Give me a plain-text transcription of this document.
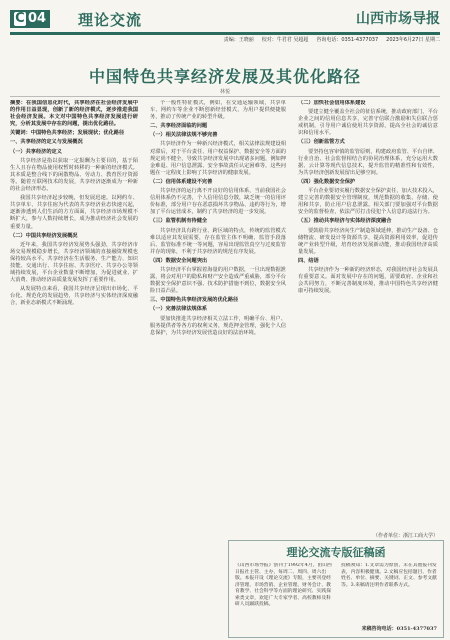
C 04 理论交流	山西市场导报
责编：王晓丽 校对：牛君君 吴超超 咨询电话：0351-4377037 2023年6月27日 星期二
中国特色共享经济发展及其优化路径
林悦

摘要：在我国信息化时代，共享经济在社会经济发展中的作用日益显现，创新了新的经济模式，逐步推进我国社会经济发展。本文对中国特色共享经济发展进行研究，分析其发展中存在的问题，提出优化路径。

关键词：中国特色共享经济；发展现状；优化路径

一、共享经济的定义与发展概况

（一）共享经济的定义

共享经济是指以获取一定报酬为主要目的，基于陌生人且存在物品使用权暂时转移的一种新的经济模式。其本质是整合线下的闲散物品、劳动力、教育医疗资源等。随着互联网技术的发展，共享经济逐渐成为一种新的社会经济形态。

我国共享经济起步较晚，但发展迅速。以网约车、共享单车、共享住宿为代表的共享经济业态快速兴起，逐渐渗透到人们生活的方方面面，共享经济市场规模不断扩大，参与人数持续增长，成为推动经济社会发展的重要力量。

（二）中国共享经济发展概况

近年来，我国共享经济发展势头强劲，共享经济市场交易规模稳步增长，共享经济领域的直接融资规模也保持较高水平。共享经济在生活服务、生产能力、知识技能、交通出行、共享住宿、共享医疗、共享办公等领域持续发展，平台企业数量不断增加，为促进就业、扩大消费、推动经济高质量发展发挥了重要作用。

从发展特点来看，我国共享经济呈现出市场化、平台化、规范化的发展趋势，共享经济与实体经济深度融合，新业态新模式不断涌现。

个一般性特征模式，例如，在交通运输领域，共享单车、网约车等企业不断创新经营模式，为用户提供便捷服务，推动了传统产业的转型升级。

二、共享经济面临的问题

（一）相关法律法规不够完善

共享经济作为一种新兴经济模式，相关法律法规建设相对滞后，对于平台责任、用户权益保护、数据安全等方面的规定尚不健全，导致共享经济发展中出现诸多问题，例如押金难退、用户信息泄露、安全事故责任认定困难等，这些问题在一定程度上影响了共享经济的健康发展。

（二）信用体系建设不完善

共享经济的运行离不开良好的信用体系，当前我国社会信用体系仍不完善，个人信用信息分散，缺乏统一的信用评价标准，部分用户存在恶意损坏共享物品、违约等行为，增加了平台运营成本，制约了共享经济的进一步发展。

（三）监管机制有待健全

共享经济具有跨行业、跨区域的特点，传统的监管模式难以适应其发展需要，存在监管主体不明确、监管手段落后、监管标准不统一等问题，容易出现监管真空与过度监管并存的现象，不利于共享经济的规范有序发展。

（四）数据安全问题突出

共享经济平台掌握着海量的用户数据，一旦出现数据泄露，将会对用户的隐私和财产安全造成严重威胁，部分平台数据安全保护意识不强、技术防护措施不到位，数据安全风险日益凸显。

三、中国特色共享经济发展的优化路径

（一）完善法律法规体系

要加快推进共享经济相关立法工作，明确平台、用户、服务提供者等各方的权利义务，规范押金管理，强化个人信息保护，为共享经济发展营造良好的法治环境。

（二）加快社会信用体系建设

要建立健全覆盖全社会的征信系统，推动政府部门、平台企业之间的信用信息共享，完善守信联合激励和失信联合惩戒机制，引导用户诚信使用共享资源，提高全社会的诚信意识和信用水平。

（三）创新监管方式

要坚持包容审慎的监管原则，构建政府监管、平台自律、行业自治、社会监督相结合的协同治理体系，充分运用大数据、云计算等现代信息技术，提升监管的精准性和有效性，为共享经济创新发展留出足够空间。

（四）强化数据安全保护

平台企业要切实履行数据安全保护责任，加大技术投入，建立完善的数据安全管理制度，规范数据的收集、存储、使用和共享，防止用户信息泄露。相关部门要加强对平台数据安全的监督检查，依法严厉打击侵犯个人信息的违法行为。

（五）推动共享经济与实体经济深度融合

要鼓励共享经济向生产制造领域延伸，推动生产设备、仓储物流、研发设计等资源共享，提高资源利用效率，促进传统产业转型升级，培育经济发展新动能，推动我国经济高质量发展。

四、结语

共享经济作为一种新的经济形态，对我国经济社会发展具有重要意义。面对发展中存在的问题，需要政府、企业和社会共同努力，不断完善制度环境，推动中国特色共享经济健康可持续发展。

（作者单位：浙江工商大学）
理论交流专版征稿函
《山西市场导报》创刊于1992年4月，由山西日报社主管、主办，每周二、周四、周六出版。本报开设《理论交流》专版，主要刊登经济管理、市场营销、企业管理、财务会计、教育教学、社会科学等方面的理论研究、实践探索类文章，欢迎广大专家学者、高校教师及科研人员踊跃投稿。
投稿须知：1.文章需为原创，未在其他报刊发表，内容积极健康。2.文稿应包括题目、作者姓名、单位、摘要、关键词、正文、参考文献等。3.来稿请注明作者联系方式。
来稿咨询电话：0351-4377037
